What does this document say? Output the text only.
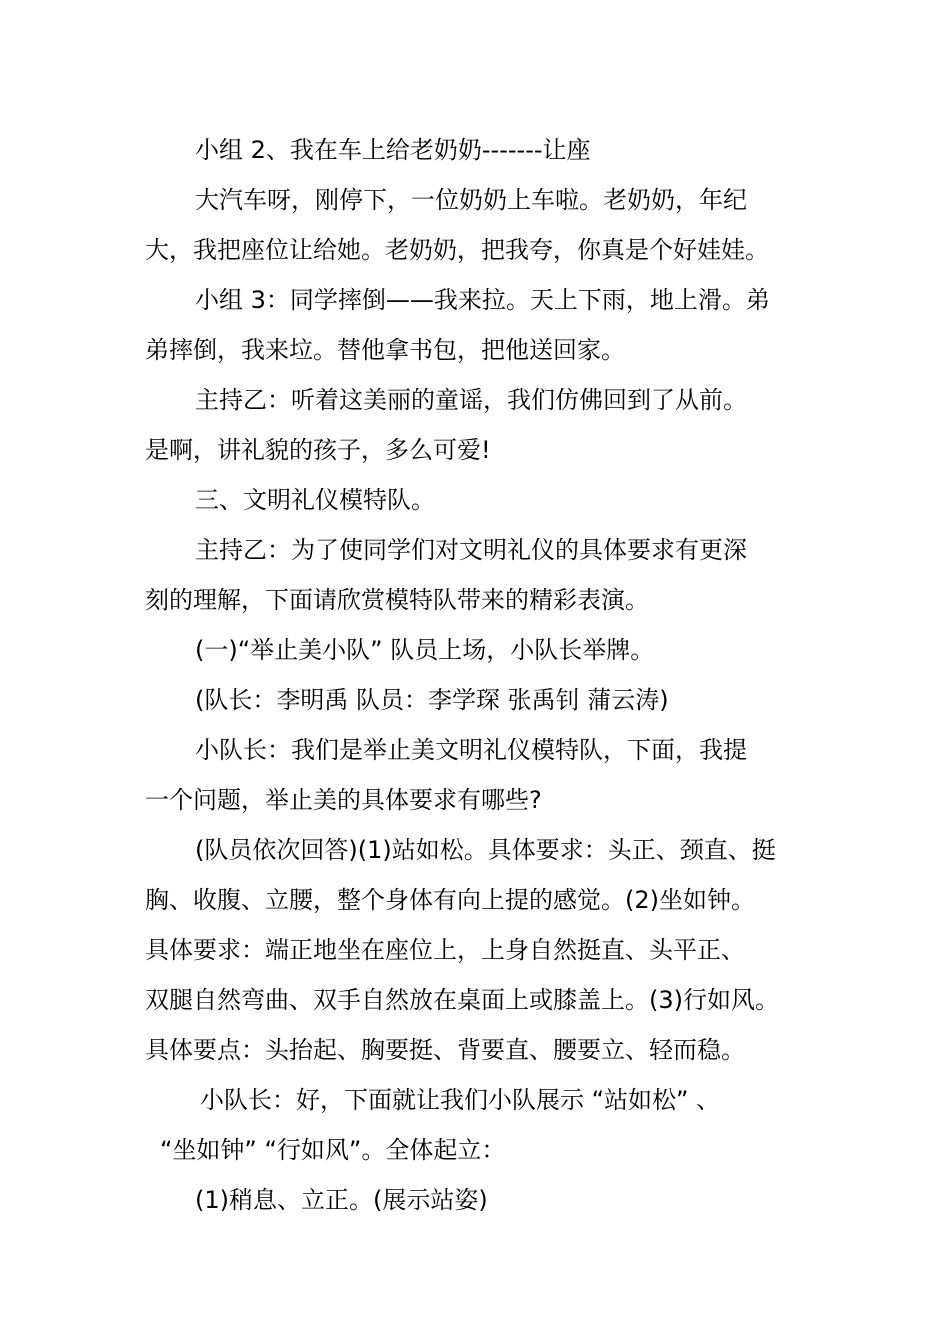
小组 2、我在车上给老奶奶-------让座
大汽车呀，刚停下，一位奶奶上车啦。老奶奶，年纪
大，我把座位让给她。老奶奶，把我夸，你真是个好娃娃。
小组 3：同学摔倒——我来拉。天上下雨，地上滑。弟
弟摔倒，我来垃。替他拿书包，把他送回家。
主持乙：听着这美丽的童谣，我们仿佛回到了从前。
是啊，讲礼貌的孩子，多么可爱!
三、文明礼仪模特队。
主持乙：为了使同学们对文明礼仪的具体要求有更深
刻的理解，下面请欣赏模特队带来的精彩表演。
(一)“举止美小队” 队员上场，小队长举牌。
(队长：李明禹 队员：李学琛 张禹钊 蒲云涛)
小队长：我们是举止美文明礼仪模特队，下面，我提
一个问题，举止美的具体要求有哪些?
(队员依次回答)(1)站如松。具体要求：头正、颈直、挺
胸、收腹、立腰，整个身体有向上提的感觉。(2)坐如钟。
具体要求：端正地坐在座位上，上身自然挺直、头平正、
双腿自然弯曲、双手自然放在桌面上或膝盖上。(3)行如风。
具体要点：头抬起、胸要挺、背要直、腰要立、轻而稳。
小队长：好，下面就让我们小队展示 “站如松” 、
“坐如钟” “行如风”。全体起立：
(1)稍息、立正。(展示站姿)
